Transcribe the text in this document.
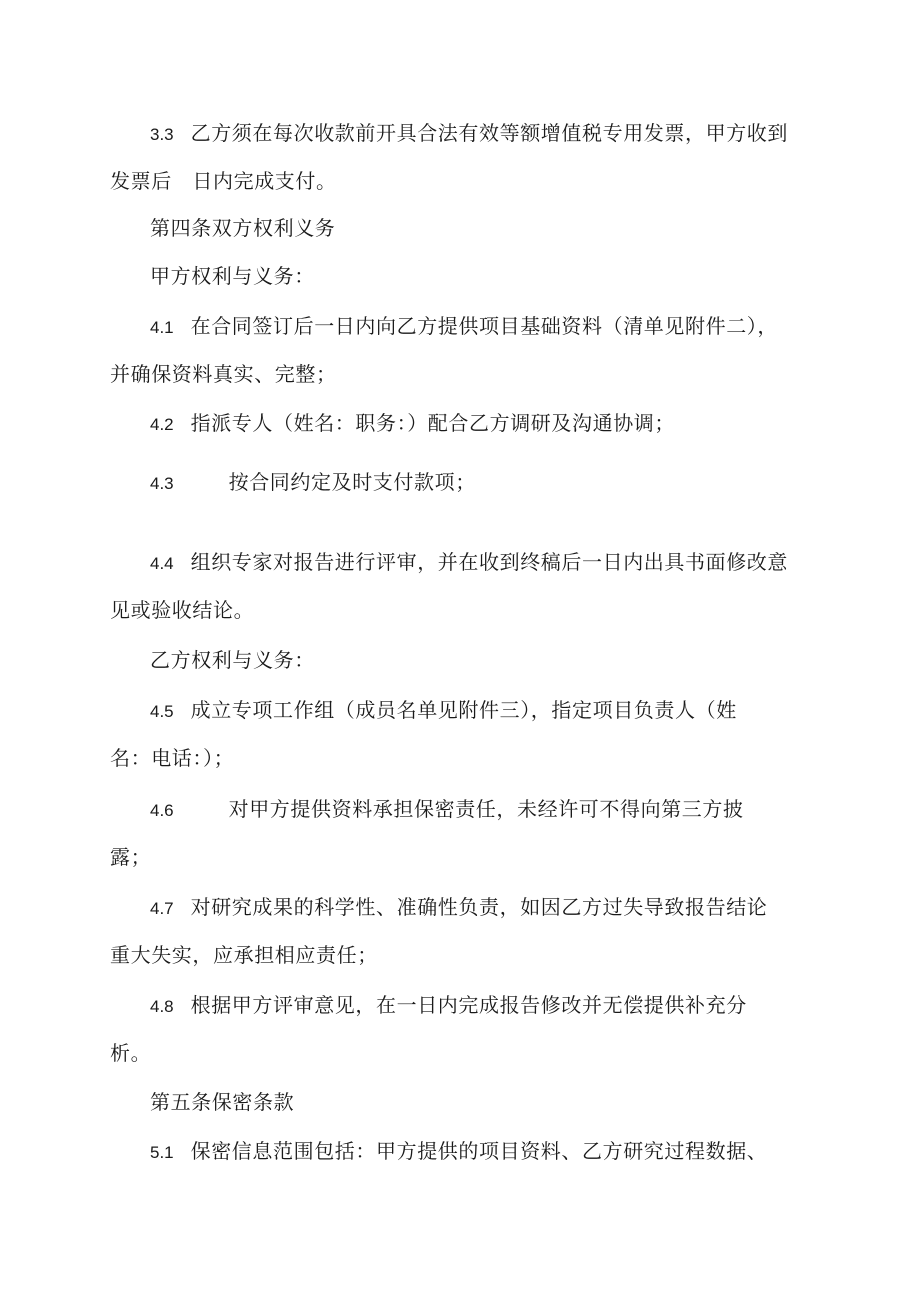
3.3 乙方须在每次收款前开具合法有效等额增值税专用发票，甲方收到
发票后　日内完成支付。
第四条双方权利义务
甲方权利与义务：
4.1 在合同签订后一日内向乙方提供项目基础资料（清单见附件二），
并确保资料真实、完整；
4.2 指派专人（姓名：职务：）配合乙方调研及沟通协调；
4.3	按合同约定及时支付款项；
4.4 组织专家对报告进行评审，并在收到终稿后一日内出具书面修改意
见或验收结论。
乙方权利与义务：
4.5 成立专项工作组（成员名单见附件三），指定项目负责人（姓
名：电话：）；
4.6	对甲方提供资料承担保密责任，未经许可不得向第三方披
露；
4.7 对研究成果的科学性、准确性负责，如因乙方过失导致报告结论
重大失实，应承担相应责任；
4.8 根据甲方评审意见，在一日内完成报告修改并无偿提供补充分
析。
第五条保密条款
5.1 保密信息范围包括：甲方提供的项目资料、乙方研究过程数据、
